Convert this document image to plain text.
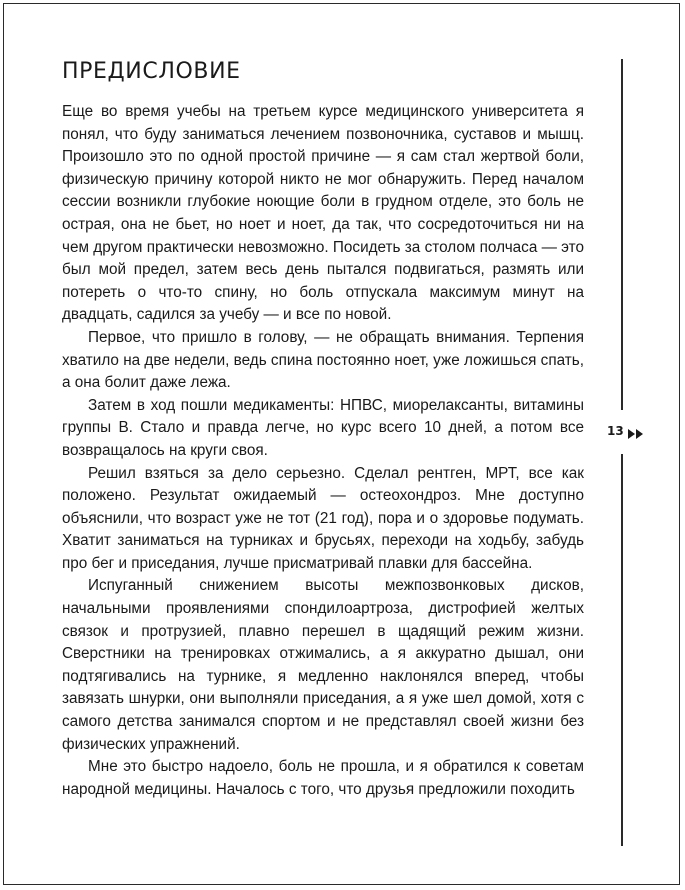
ПРЕДИСЛОВИЕ

Еще во время учебы на третьем курсе медицинского университета я понял, что буду заниматься лечением позвоночника, суставов и мышц. Произошло это по одной простой причине — я сам стал жертвой боли, физическую причину которой никто не мог обнаружить. Перед началом сессии возникли глубокие ноющие боли в грудном отделе, это боль не острая, она не бьет, но ноет и ноет, да так, что сосредоточиться ни на чем другом практически невозможно. Посидеть за столом полчаса — это был мой предел, затем весь день пытался подвигаться, размять или потереть о что-то спину, но боль отпускала максимум минут на двадцать, садился за учебу — и все по новой.

Первое, что пришло в голову, — не обращать внимания. Терпения хватило на две недели, ведь спина постоянно ноет, уже ложишься спать, а она болит даже лежа.

Затем в ход пошли медикаменты: НПВС, миорелаксанты, витамины группы В. Стало и правда легче, но курс всего 10 дней, а потом все возвращалось на круги своя.

Решил взяться за дело серьезно. Сделал рентген, МРТ, все как положено. Результат ожидаемый — остеохондроз. Мне доступно объяснили, что возраст уже не тот (21 год), пора и о здоровье подумать. Хватит заниматься на турниках и брусьях, переходи на ходьбу, забудь про бег и приседания, лучше присматривай плавки для бассейна.

Испуганный снижением высоты межпозвонковых дисков, начальными проявлениями спондилоартроза, дистрофией желтых связок и протрузией, плавно перешел в щадящий режим жизни. Сверстники на тренировках отжимались, а я аккуратно дышал, они подтягивались на турнике, я медленно наклонялся вперед, чтобы завязать шнурки, они выполняли приседания, а я уже шел домой, хотя с самого детства занимался спортом и не представлял своей жизни без физических упражнений.

Мне это быстро надоело, боль не прошла, и я обратился к советам народной медицины. Началось с того, что друзья предложили походить

13
